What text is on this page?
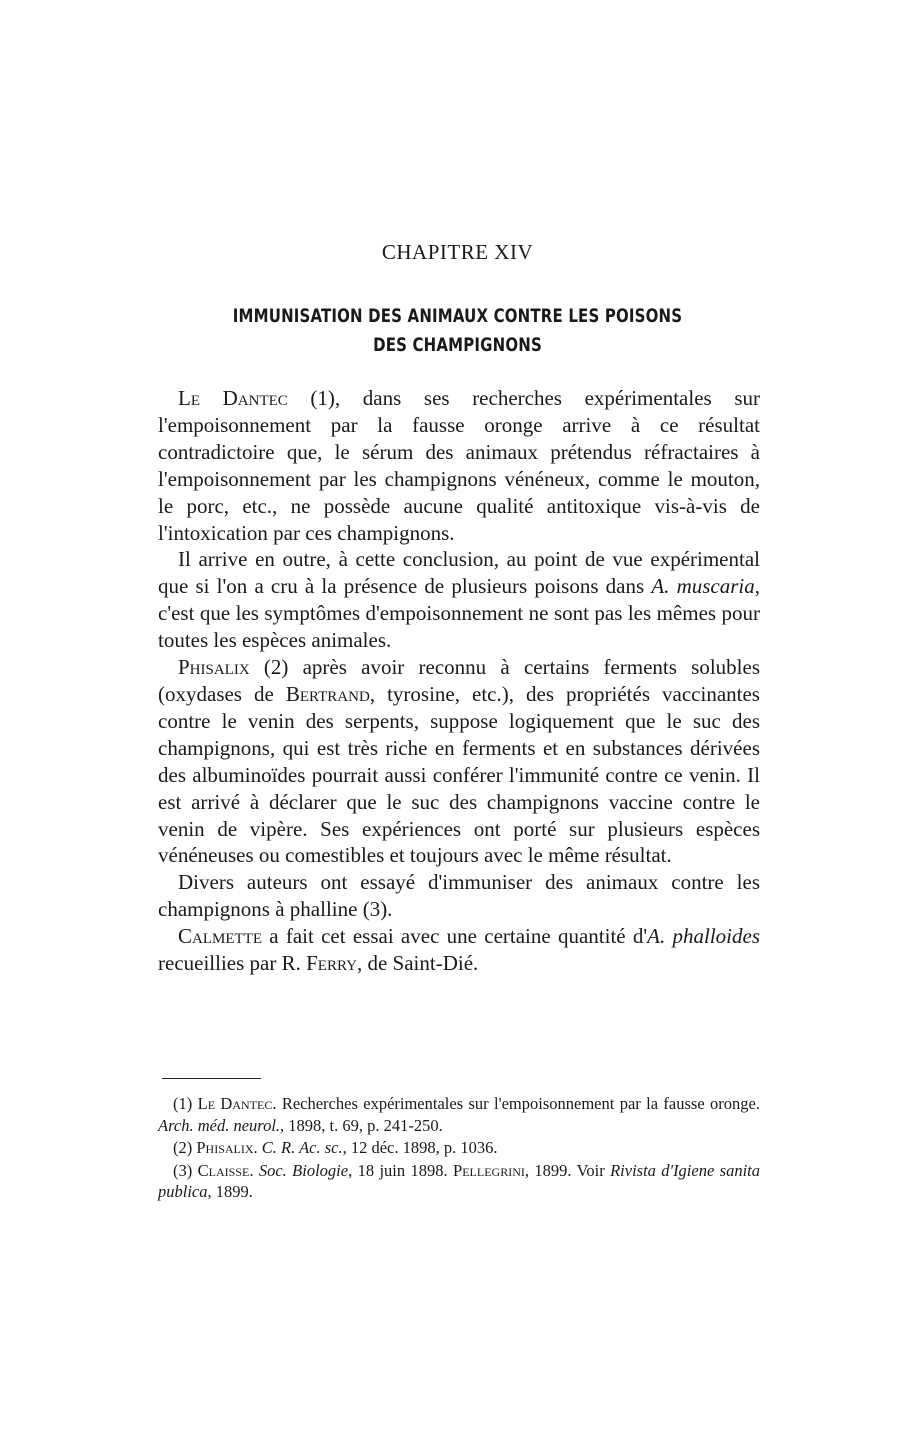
CHAPITRE XIV
IMMUNISATION DES ANIMAUX CONTRE LES POISONS
DES CHAMPIGNONS

Le Dantec (1), dans ses recherches expérimentales sur l'empoisonnement par la fausse oronge arrive à ce résultat contradictoire que, le sérum des animaux prétendus réfractaires à l'empoisonnement par les champignons vénéneux, comme le mouton, le porc, etc., ne possède aucune qualité antitoxique vis-à-vis de l'intoxication par ces champignons.

Il arrive en outre, à cette conclusion, au point de vue expérimental que si l'on a cru à la présence de plusieurs poisons dans A. muscaria, c'est que les symptômes d'empoisonnement ne sont pas les mêmes pour toutes les espèces animales.

Phisalix (2) après avoir reconnu à certains ferments solubles (oxydases de Bertrand, tyrosine, etc.), des propriétés vaccinantes contre le venin des serpents, suppose logiquement que le suc des champignons, qui est très riche en ferments et en substances dérivées des albuminoïdes pourrait aussi conférer l'immunité contre ce venin. Il est arrivé à déclarer que le suc des champignons vaccine contre le venin de vipère. Ses expériences ont porté sur plusieurs espèces vénéneuses ou comestibles et toujours avec le même résultat.

Divers auteurs ont essayé d'immuniser des animaux contre les champignons à phalline (3).

Calmette a fait cet essai avec une certaine quantité d'A. phalloides recueillies par R. Ferry, de Saint-Dié.

(1) Le Dantec. Recherches expérimentales sur l'empoisonnement par la fausse oronge. Arch. méd. neurol., 1898, t. 69, p. 241-250.

(2) Phisalix. C. R. Ac. sc., 12 déc. 1898, p. 1036.

(3) Claisse. Soc. Biologie, 18 juin 1898. Pellegrini, 1899. Voir Rivista d'Igiene sanita publica, 1899.
